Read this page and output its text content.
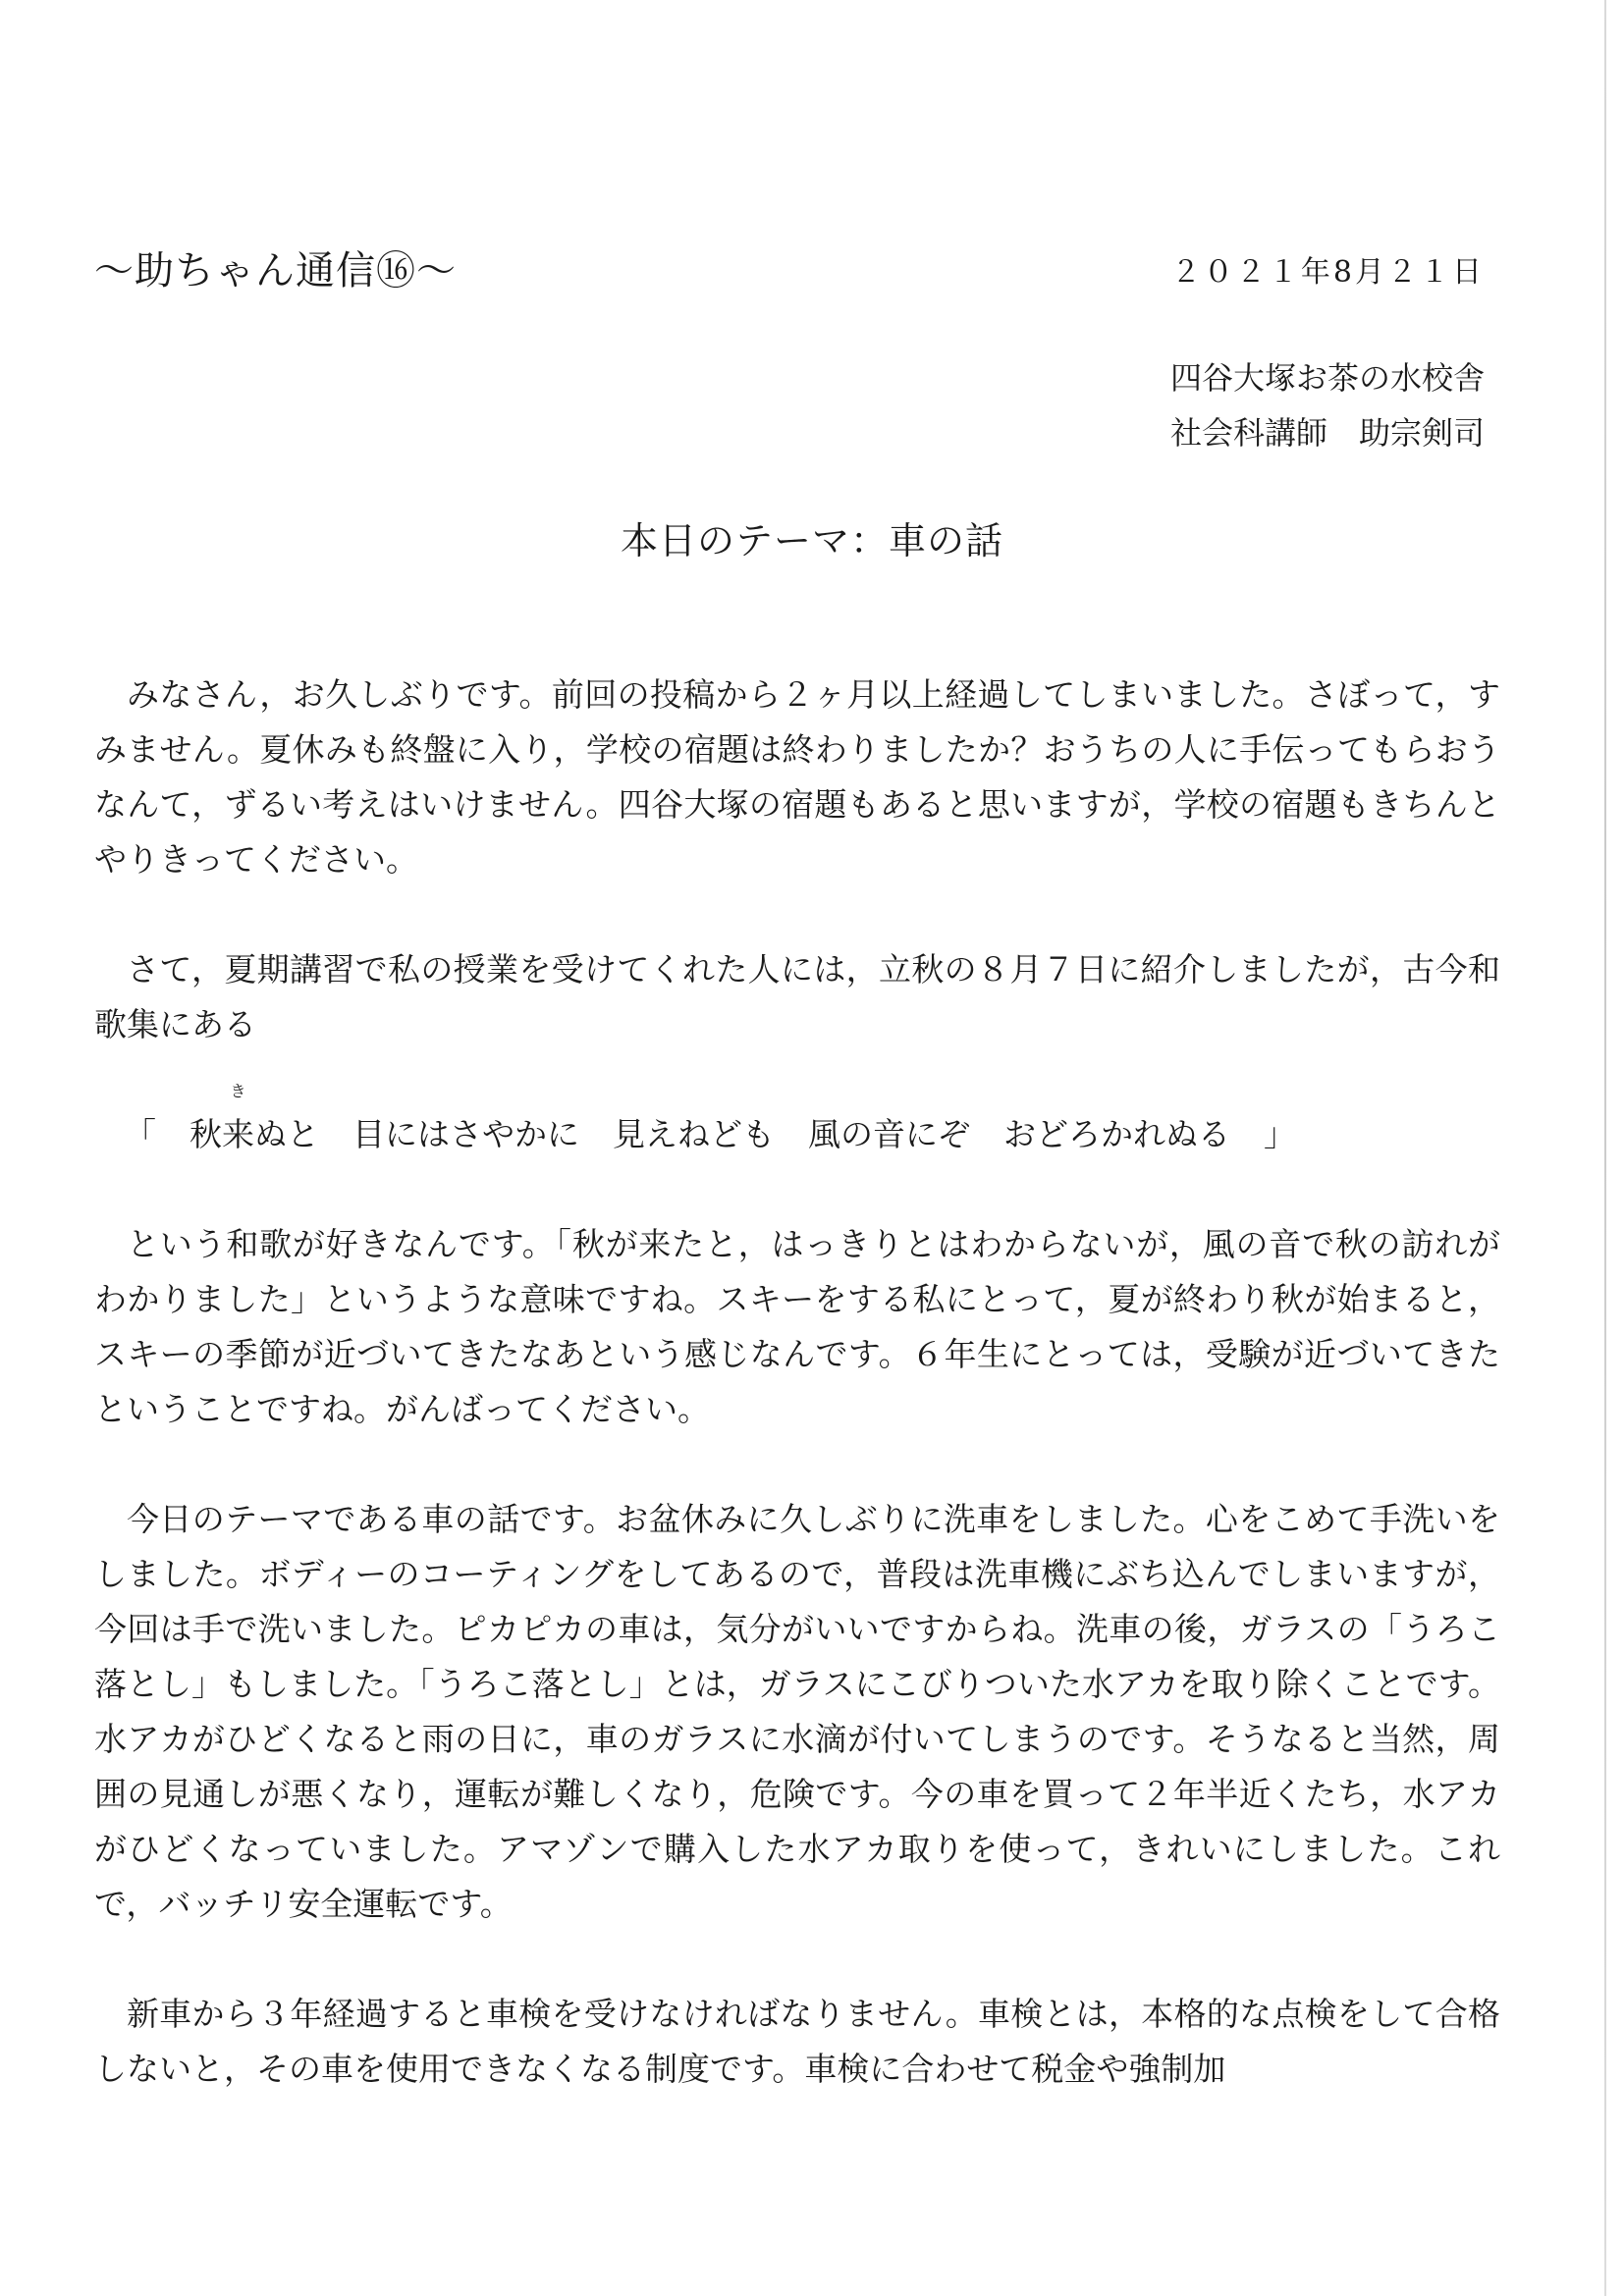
～助ちゃん通信⑯～	２０２１年8月２１日
四谷大塚お茶の水校舎
社会科講師　助宗剣司
本日のテーマ：車の話

みなさん，お久しぶりです。前回の投稿から２ヶ月以上経過してしまいました。さぼって，すみません。夏休みも終盤に入り，学校の宿題は終わりましたか？おうちの人に手伝ってもらおうなんて，ずるい考えはいけません。四谷大塚の宿題もあると思いますが，学校の宿題もきちんとやりきってください。

さて，夏期講習で私の授業を受けてくれた人には，立秋の８月７日に紹介しましたが，古今和歌集にある

「 秋
き
来ぬと 目にはさやかに 見えねども 風の音にぞ おどろかれぬる 」

という和歌が好きなんです。「秋が来たと，はっきりとはわからないが，風の音で秋の訪れがわかりました」というような意味ですね。スキーをする私にとって，夏が終わり秋が始まると，スキーの季節が近づいてきたなあという感じなんです。６年生にとっては，受験が近づいてきたということですね。がんばってください。

今日のテーマである車の話です。お盆休みに久しぶりに洗車をしました。心をこめて手洗いをしました。ボディーのコーティングをしてあるので，普段は洗車機にぶち込んでしまいますが，今回は手で洗いました。ピカピカの車は，気分がいいですからね。洗車の後，ガラスの「うろこ落とし」もしました。「うろこ落とし」とは，ガラスにこびりついた水アカを取り除くことです。水アカがひどくなると雨の日に，車のガラスに水滴が付いてしまうのです。そうなると当然，周囲の見通しが悪くなり，運転が難しくなり，危険です。今の車を買って２年半近くたち，水アカがひどくなっていました。アマゾンで購入した水アカ取りを使って，きれいにしました。これで，バッチリ安全運転です。

新車から３年経過すると車検を受けなければなりません。車検とは，本格的な点検をして合格しないと，その車を使用できなくなる制度です。車検に合わせて税金や強制加
